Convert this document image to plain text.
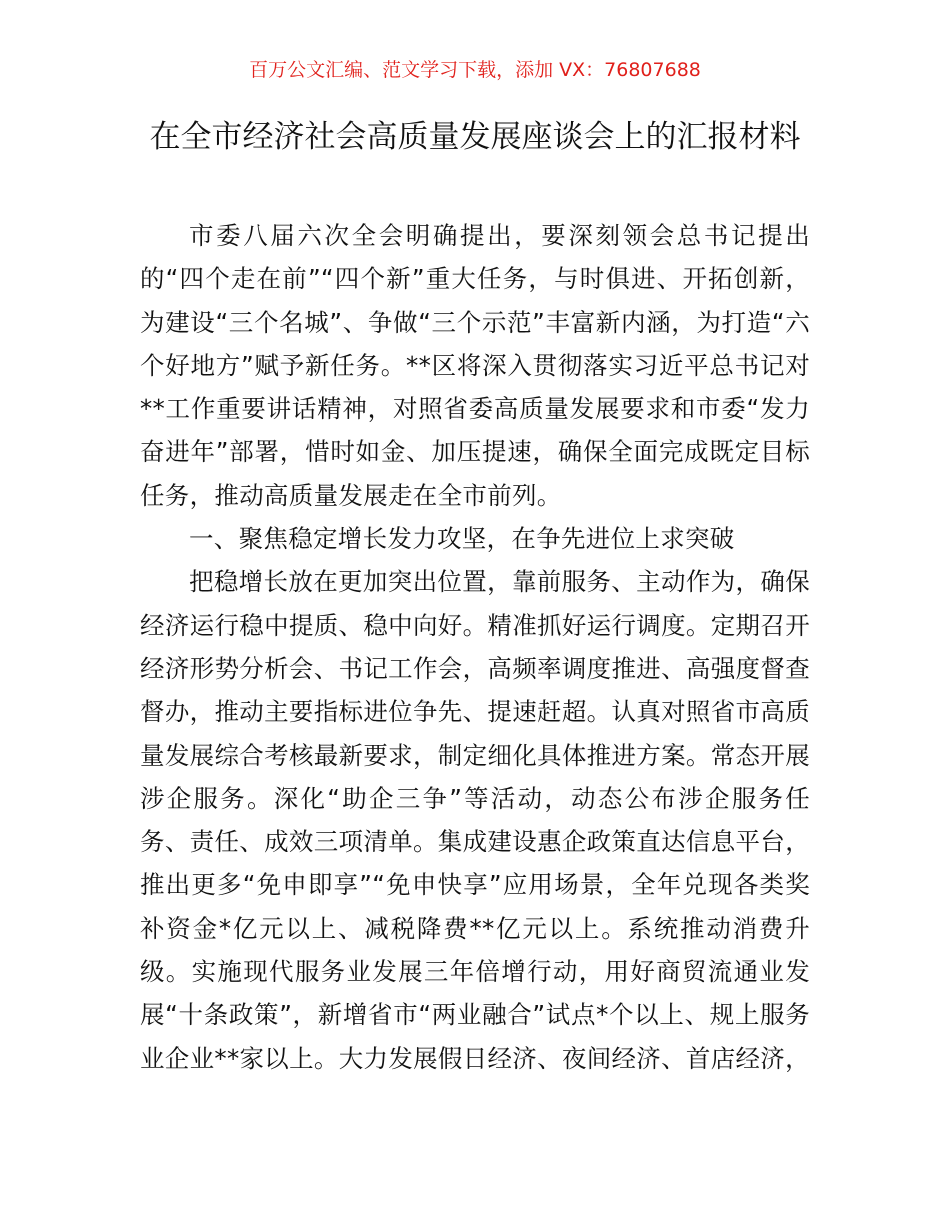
百万公文汇编、范文学习下载，添加 VX：76807688
在全市经济社会高质量发展座谈会上的汇报材料

市委八届六次全会明确提出，要深刻领会总书记提出的“四个走在前”“四个新”重大任务，与时俱进、开拓创新，为建设“三个名城”、争做“三个示范”丰富新内涵，为打造“六个好地方”赋予新任务。**区将深入贯彻落实习近平总书记对**工作重要讲话精神，对照省委高质量发展要求和市委“发力奋进年”部署，惜时如金、加压提速，确保全面完成既定目标任务，推动高质量发展走在全市前列。

一、聚焦稳定增长发力攻坚，在争先进位上求突破

把稳增长放在更加突出位置，靠前服务、主动作为，确保经济运行稳中提质、稳中向好。精准抓好运行调度。定期召开经济形势分析会、书记工作会，高频率调度推进、高强度督查督办，推动主要指标进位争先、提速赶超。认真对照省市高质量发展综合考核最新要求，制定细化具体推进方案。常态开展涉企服务。深化“助企三争”等活动，动态公布涉企服务任务、责任、成效三项清单。集成建设惠企政策直达信息平台，推出更多“免申即享”“免申快享”应用场景，全年兑现各类奖补资金*亿元以上、减税降费**亿元以上。系统推动消费升级。实施现代服务业发展三年倍增行动，用好商贸流通业发展“十条政策”，新增省市“两业融合”试点*个以上、规上服务业企业**家以上。大力发展假日经济、夜间经济、首店经济，
